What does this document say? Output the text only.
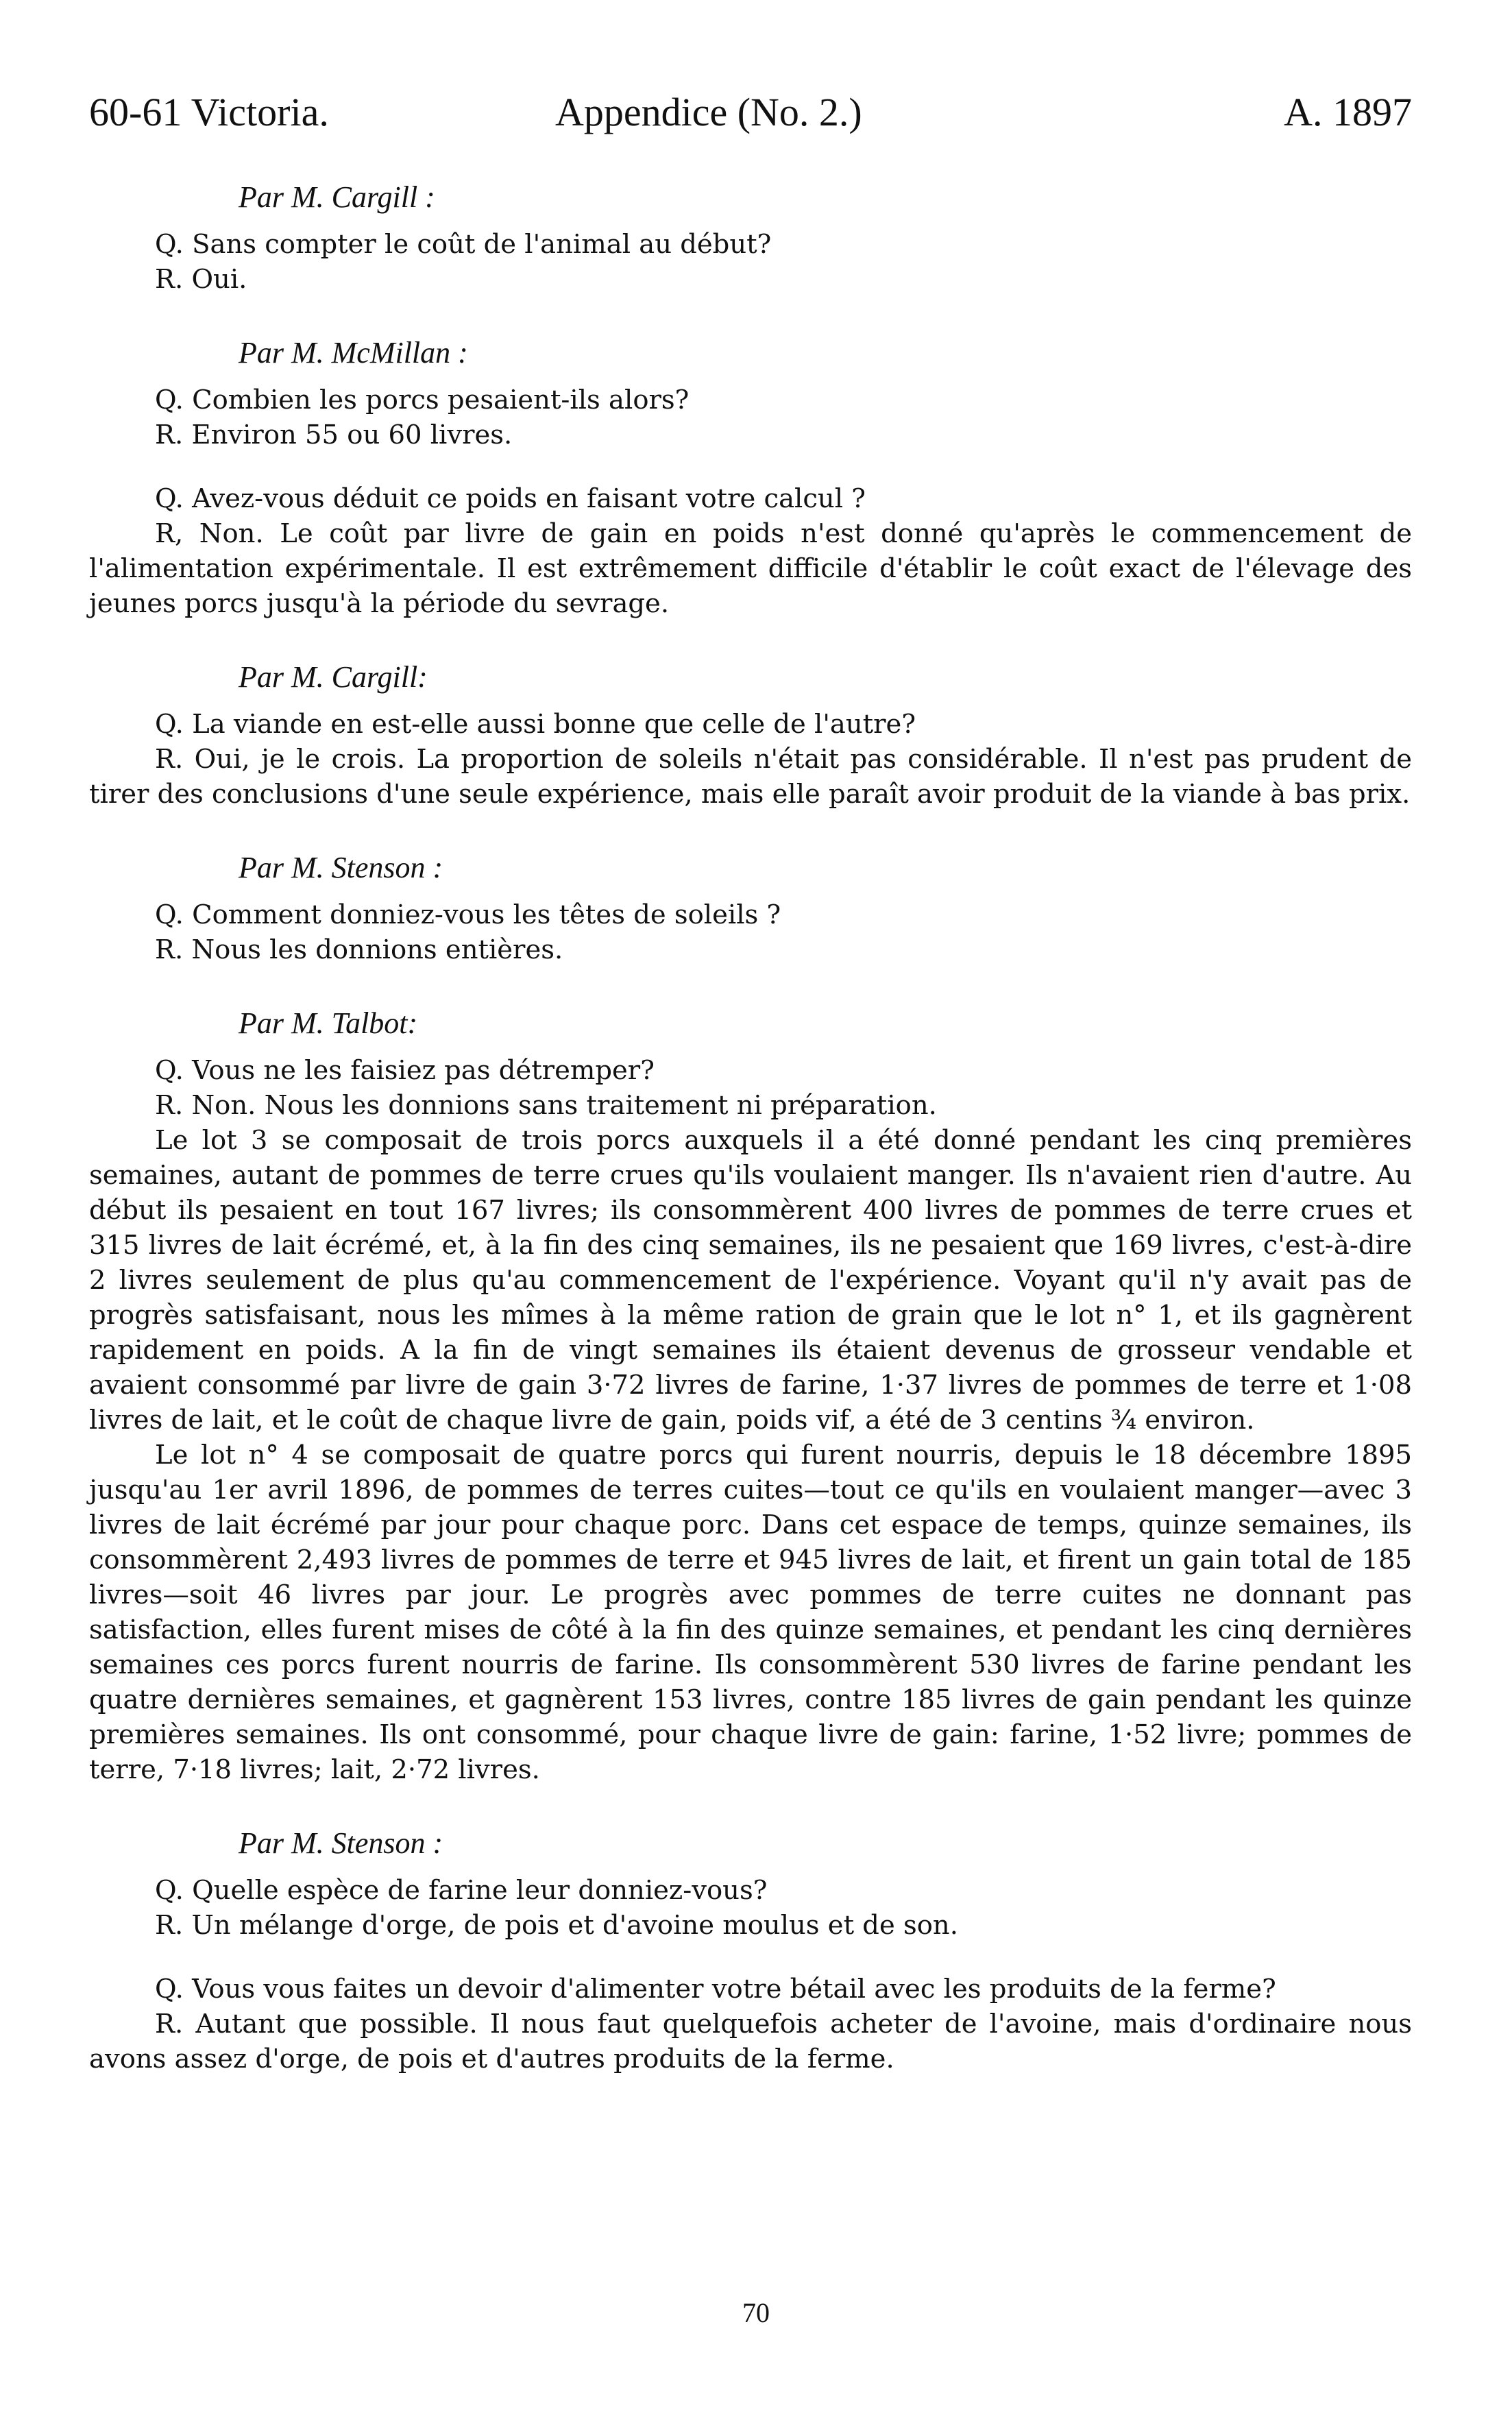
60-61 Victoria.	Appendice (No. 2.)	A. 1897
Par M. Cargill :

Q. Sans compter le coût de l'animal au début?

R. Oui.

Par M. McMillan :

Q. Combien les porcs pesaient-ils alors?

R. Environ 55 ou 60 livres.

Q. Avez-vous déduit ce poids en faisant votre calcul ?

R, Non. Le coût par livre de gain en poids n'est donné qu'après le commencement de l'alimentation expérimentale. Il est extrêmement difficile d'établir le coût exact de l'élevage des jeunes porcs jusqu'à la période du sevrage.

Par M. Cargill:

Q. La viande en est-elle aussi bonne que celle de l'autre?

R. Oui, je le crois. La proportion de soleils n'était pas considérable. Il n'est pas prudent de tirer des conclusions d'une seule expérience, mais elle paraît avoir produit de la viande à bas prix.

Par M. Stenson :

Q. Comment donniez-vous les têtes de soleils ?

R. Nous les donnions entières.

Par M. Talbot:

Q. Vous ne les faisiez pas détremper?

R. Non. Nous les donnions sans traitement ni préparation.

Le lot 3 se composait de trois porcs auxquels il a été donné pendant les cinq premières semaines, autant de pommes de terre crues qu'ils voulaient manger. Ils n'avaient rien d'autre. Au début ils pesaient en tout 167 livres; ils consommèrent 400 livres de pommes de terre crues et 315 livres de lait écrémé, et, à la fin des cinq semaines, ils ne pesaient que 169 livres, c'est-à-dire 2 livres seulement de plus qu'au commencement de l'expérience. Voyant qu'il n'y avait pas de progrès satisfaisant, nous les mîmes à la même ration de grain que le lot n° 1, et ils gagnèrent rapidement en poids. A la fin de vingt semaines ils étaient devenus de grosseur vendable et avaient consommé par livre de gain 3·72 livres de farine, 1·37 livres de pommes de terre et 1·08 livres de lait, et le coût de chaque livre de gain, poids vif, a été de 3 centins ¾ environ.

Le lot n° 4 se composait de quatre porcs qui furent nourris, depuis le 18 décembre 1895 jusqu'au 1er avril 1896, de pommes de terres cuites—tout ce qu'ils en voulaient manger—avec 3 livres de lait écrémé par jour pour chaque porc. Dans cet espace de temps, quinze semaines, ils consommèrent 2,493 livres de pommes de terre et 945 livres de lait, et firent un gain total de 185 livres—soit 46 livres par jour. Le progrès avec pommes de terre cuites ne donnant pas satisfaction, elles furent mises de côté à la fin des quinze semaines, et pendant les cinq dernières semaines ces porcs furent nourris de farine. Ils consommèrent 530 livres de farine pendant les quatre dernières semaines, et gagnèrent 153 livres, contre 185 livres de gain pendant les quinze premières semaines. Ils ont consommé, pour chaque livre de gain: farine, 1·52 livre; pommes de terre, 7·18 livres; lait, 2·72 livres.

Par M. Stenson :

Q. Quelle espèce de farine leur donniez-vous?

R. Un mélange d'orge, de pois et d'avoine moulus et de son.

Q. Vous vous faites un devoir d'alimenter votre bétail avec les produits de la ferme?

R. Autant que possible. Il nous faut quelquefois acheter de l'avoine, mais d'ordinaire nous avons assez d'orge, de pois et d'autres produits de la ferme.

70
